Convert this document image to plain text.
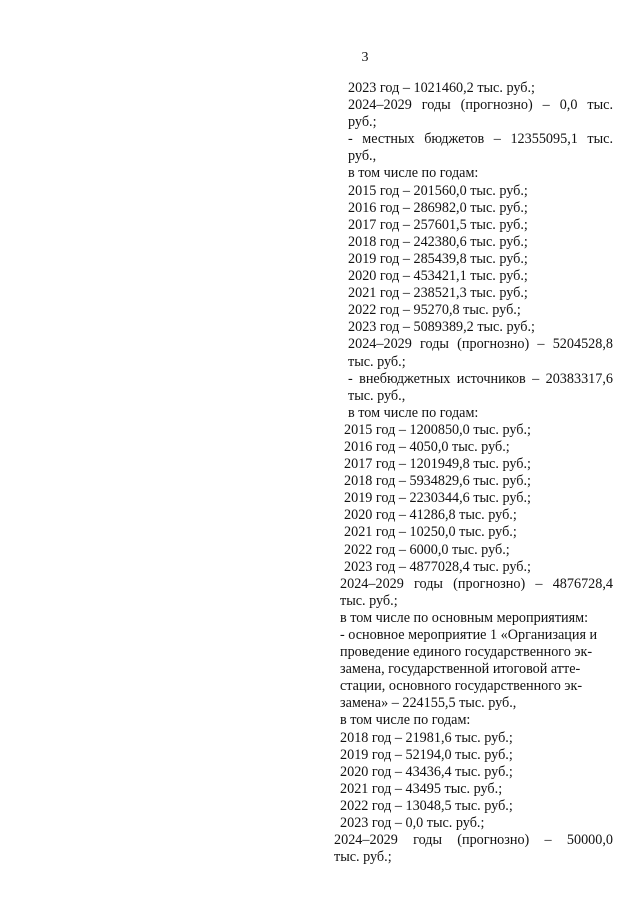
3
2023 год – 1021460,2 тыс. руб.;
2024–2029 годы (прогнозно) – 0,0 тыс.
руб.;
- местных бюджетов – 12355095,1 тыс.
руб.,
в том числе по годам:
2015 год – 201560,0 тыс. руб.;
2016 год – 286982,0 тыс. руб.;
2017 год – 257601,5 тыс. руб.;
2018 год – 242380,6 тыс. руб.;
2019 год – 285439,8 тыс. руб.;
2020 год – 453421,1 тыс. руб.;
2021 год – 238521,3 тыс. руб.;
2022 год – 95270,8 тыс. руб.;
2023 год – 5089389,2 тыс. руб.;
2024–2029 годы (прогнозно) – 5204528,8
тыс. руб.;
- внебюджетных источников – 20383317,6
тыс. руб.,
в том числе по годам:
2015 год – 1200850,0 тыс. руб.;
2016 год – 4050,0 тыс. руб.;
2017 год – 1201949,8 тыс. руб.;
2018 год – 5934829,6 тыс. руб.;
2019 год – 2230344,6 тыс. руб.;
2020 год – 41286,8 тыс. руб.;
2021 год – 10250,0 тыс. руб.;
2022 год – 6000,0 тыс. руб.;
2023 год – 4877028,4 тыс. руб.;
2024–2029 годы (прогнозно) – 4876728,4
тыс. руб.;
в том числе по основным мероприятиям:
- основное мероприятие 1 «Организация и
проведение единого государственного эк-
замена, государственной итоговой атте-
стации, основного государственного эк-
замена» – 224155,5 тыс. руб.,
в том числе по годам:
2018 год – 21981,6 тыс. руб.;
2019 год – 52194,0 тыс. руб.;
2020 год – 43436,4 тыс. руб.;
2021 год – 43495 тыс. руб.;
2022 год – 13048,5 тыс. руб.;
2023 год – 0,0 тыс. руб.;
2024–2029 годы (прогнозно) – 50000,0
тыс. руб.;
